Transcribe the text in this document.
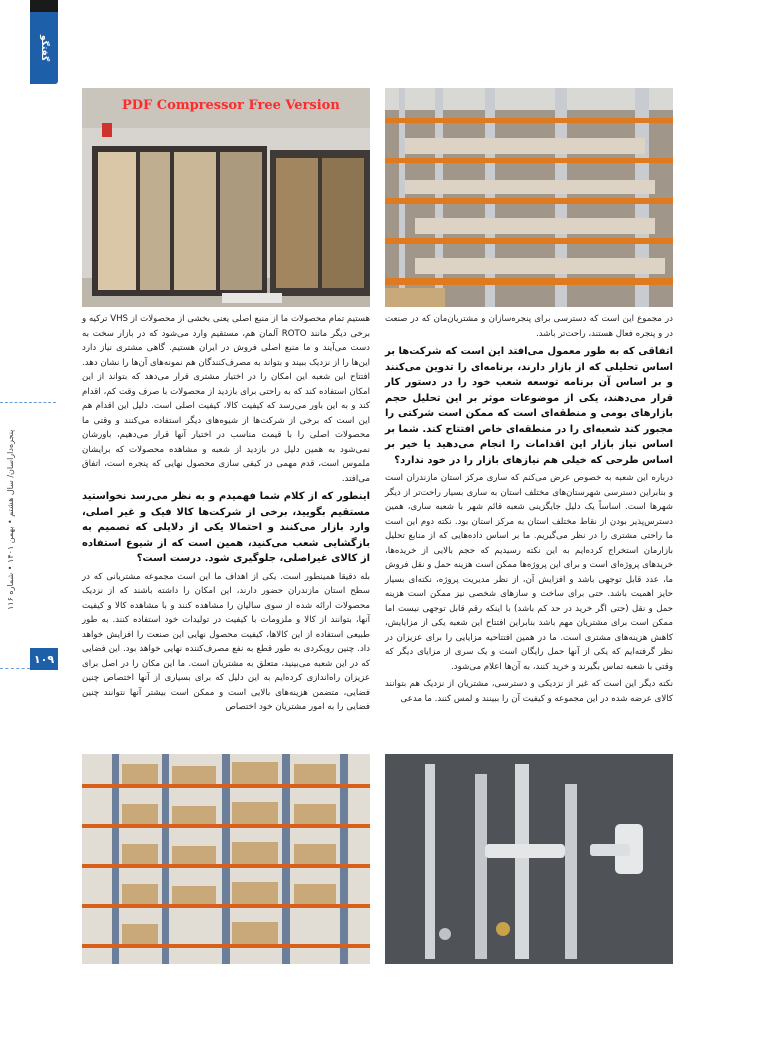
گفتگو
پنجره‌داراﺳﺎن/ ﺳﺎل ﻫﺸﺘﻢ • بهمن ۱۴۰۱ • شماره ۱۱۶
۱۰۹
PDF Compressor Free Version

در مجموع این است که دسترسی برای پنجره‌سازان و مشتریان‌مان که در صنعت در و پنجره فعال هستند، راحت‌تر باشد.

اتفاقی که به طور معمول می‌افتد این است که شرکت‌ها بر اساس تحلیلی که از بازار دارند، برنامه‌ای را تدوین می‌کنند و بر اساس آن برنامه توسعه شعب خود را در دستور کار قرار می‌دهند، یکی از موضوعات موثر بر این تحلیل حجم بازارهای بومی و منطقه‌ای است که ممکن است شرکتی را مجبور کند شعبه‌ای را در منطقه‌ای خاص افتتاح کند. شما بر اساس نیاز بازار این اقدامات را انجام می‌دهید یا خیر بر اساس طرحی که خیلی هم نیازهای بازار را در خود ندارد؟

درباره این شعبه به خصوص عرض می‌کنم که ساری مرکز استان مازندران است و بنابراین دسترسی شهرستان‌های مختلف استان به ساری بسیار راحت‌تر از دیگر شهرها است. اساساً یک دلیل جایگزینی شعبه قائم شهر با شعبه ساری، همین دسترس‌پذیر بودن از نقاط مختلف استان به مرکز استان بود. نکته دوم این است ما راحتی مشتری را در نظر می‌گیریم. ما بر اساس داده‌هایی که از منابع تحلیل بازارمان استخراج کرده‌ایم به این نکته رسیدیم که حجم بالایی از خریده‌ها، خریدهای پروژه‌ای است و برای این پروژه‌ها ممکن است هزینه حمل و نقل فروش ما، عدد قابل توجهی باشد و افزایش آن، از نظر مدیریت پروژه، نکته‌ای بسیار حایز اهمیت باشد. حتی برای ساخت و سازهای شخصی نیز ممکن است هزینه حمل و نقل (حتی اگر خرید در حد کم باشد) با اینکه رقم قابل توجهی نیست اما ممکن است برای مشتریان مهم باشد بنابراین افتتاح این شعبه یکی از مزایایش، کاهش هزینه‌های مشتری است. ما در همین افتتاحیه مزایایی را برای عزیزان در نظر گرفته‌ایم که یکی از آنها حمل رایگان است و یک سری از مزایای دیگر که وقتی با شعبه تماس بگیرند و خرید کنند، به آن‌ها اعلام می‌شود.

نکته دیگر این است که غیر از نزدیکی و دسترسی، مشتریان از نزدیک هم بتوانند کالای عرضه شده در این مجموعه و کیفیت آن را ببینند و لمس کنند. ما مدعی

هستیم تمام محصولات ما از منبع اصلی یعنی بخشی از محصولات از VHS ترکیه و برخی دیگر مانند ROTO آلمان هم، مستقیم وارد می‌شود که در بازار سخت به دست می‌آیند و ما منبع اصلی فروش در ایران هستیم. گاهی مشتری نیاز دارد این‌ها را از نزدیک ببیند و بتواند به مصرف‌کنندگان هم نمونه‌های آن‌ها را نشان دهد. افتتاح این شعبه این امکان را در اختیار مشتری قرار می‌دهد که بتواند از این امکان استفاده کند که به راحتی برای بازدید از محصولات با صرف وقت کم، اقدام کند و به این باور می‌رسد که کیفیت کالا، کیفیت اصلی است. دلیل این اقدام هم این است که برخی از شرکت‌ها از شیوه‌های دیگر استفاده می‌کنند و وقتی ما محصولات اصلی را با قیمت مناسب در اختیار آنها قرار می‌دهیم، باورشان نمی‌شود به همین دلیل در بازدید از شعبه و مشاهده محصولات که برایشان ملموس است، قدم مهمی در کیفی سازی محصول نهایی که پنجره است، اتفاق می‌افتد.

اینطور که از کلام شما فهمیدم و به نظر می‌رسد نخواستید مستقیم بگویید، برخی از شرکت‌ها کالا فیک و غیر اصلی، وارد بازار می‌کنند و احتمالا یکی از دلایلی که تصمیم به بازگشایی شعب می‌کنید، همین است که از شیوع استفاده از کالای غیراصلی، جلوگیری شود. درست است؟

بله دقیقا همینطور است. یکی از اهداف ما این است مجموعه مشتریانی که در سطح استان مازندران حضور دارند، این امکان را داشته باشند که از نزدیک محصولات ارائه شده از سوی سالیان را مشاهده کنند و با مشاهده کالا و کیفیت آنها، بتوانند از کالا و ملزومات با کیفیت در تولیدات خود استفاده کنند. به طور طبیعی استفاده از این کالاها، کیفیت محصول نهایی این صنعت را افزایش خواهد داد. چنین رویکردی به طور قطع به نفع مصرف‌کننده نهایی خواهد بود. این فضایی که در این شعبه می‌بینید، متعلق به مشتریان است. ما این مکان را در اصل برای عزیزان راه‌اندازی کرده‌ایم به این دلیل که برای بسیاری از آنها اختصاص چنین فضایی، متضمن هزینه‌های بالایی است و ممکن است بیشتر آنها نتوانند چنین فضایی را به امور مشتریان خود اختصاص
